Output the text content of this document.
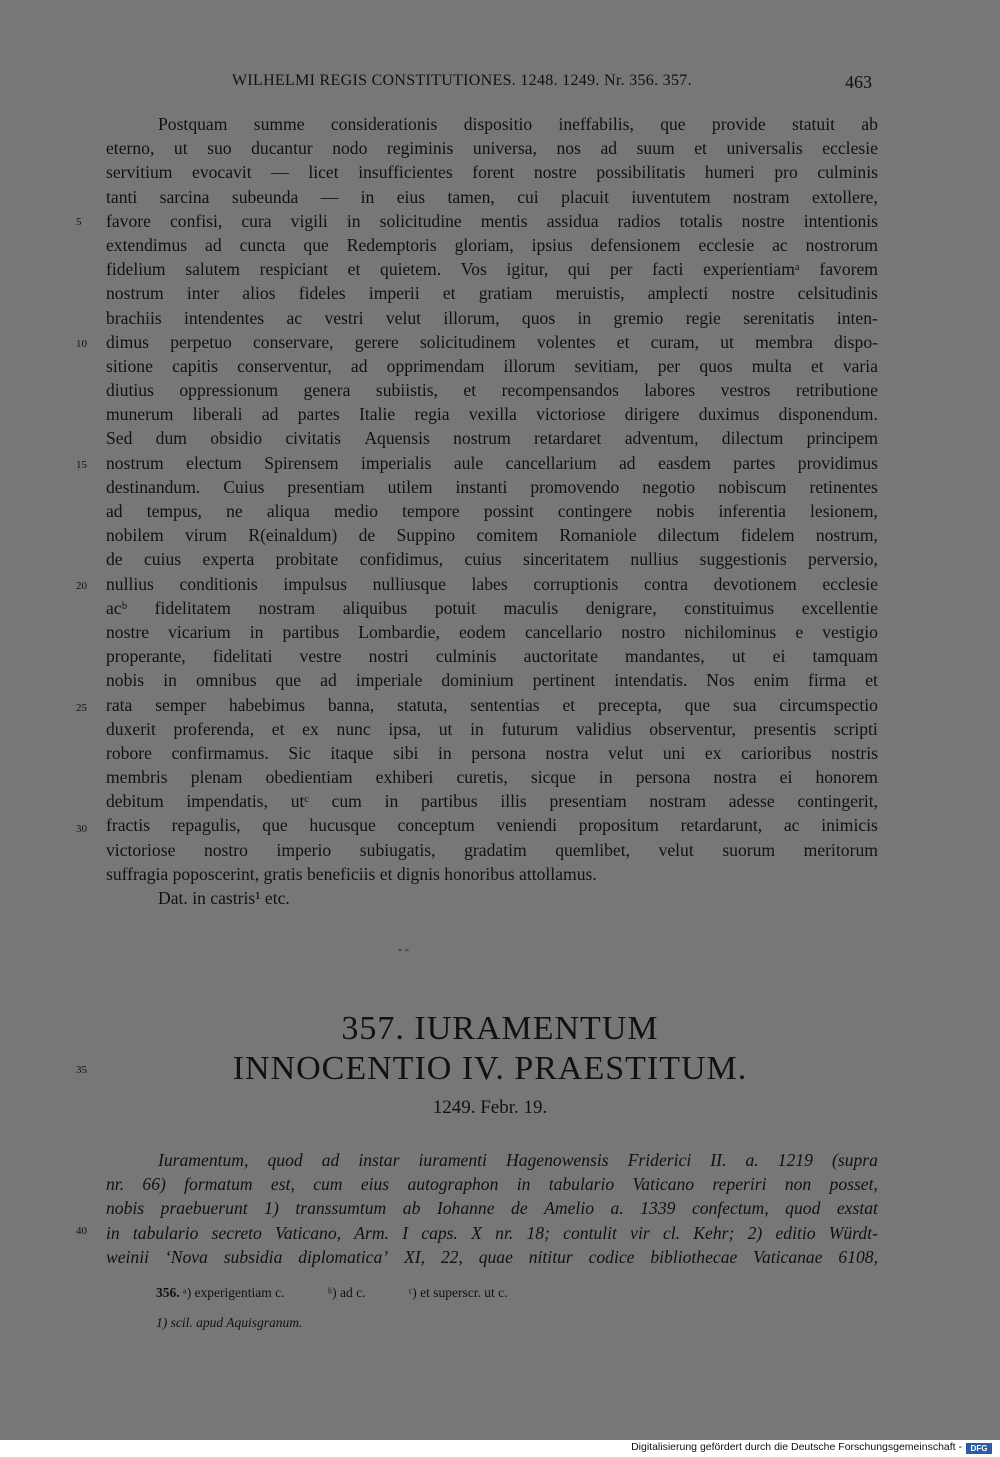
WILHELMI REGIS CONSTITUTIONES. 1248. 1249. Nr. 356. 357.	463
Postquam summe considerationis dispositio ineffabilis, que provide statuit ab
eterno, ut suo ducantur nodo regiminis universa, nos ad suum et universalis ecclesie
servitium evocavit — licet insufficientes forent nostre possibilitatis humeri pro culminis
tanti sarcina subeunda — in eius tamen, cui placuit iuventutem nostram extollere,
favore confisi, cura vigili in solicitudine mentis assidua radios totalis nostre intentionis
extendimus ad cuncta que Redemptoris gloriam, ipsius defensionem ecclesie ac nostrorum
fidelium salutem respiciant et quietem. Vos igitur, qui per facti experientiamᵃ favorem
nostrum inter alios fideles imperii et gratiam meruistis, amplecti nostre celsitudinis
brachiis intendentes ac vestri velut illorum, quos in gremio regie serenitatis inten-
dimus perpetuo conservare, gerere solicitudinem volentes et curam, ut membra dispo-
sitione capitis conserventur, ad opprimendam illorum sevitiam, per quos multa et varia
diutius oppressionum genera subiistis, et recompensandos labores vestros retributione
munerum liberali ad partes Italie regia vexilla victoriose dirigere duximus disponendum.
Sed dum obsidio civitatis Aquensis nostrum retardaret adventum, dilectum principem
nostrum electum Spirensem imperialis aule cancellarium ad easdem partes providimus
destinandum. Cuius presentiam utilem instanti promovendo negotio nobiscum retinentes
ad tempus, ne aliqua medio tempore possint contingere nobis inferentia lesionem,
nobilem virum R(einaldum) de Suppino comitem Romaniole dilectum fidelem nostrum,
de cuius experta probitate confidimus, cuius sinceritatem nullius suggestionis perversio,
nullius conditionis impulsus nulliusque labes corruptionis contra devotionem ecclesie
acᵇ fidelitatem nostram aliquibus potuit maculis denigrare, constituimus excellentie
nostre vicarium in partibus Lombardie, eodem cancellario nostro nichilominus e vestigio
properante, fidelitati vestre nostri culminis auctoritate mandantes, ut ei tamquam
nobis in omnibus que ad imperiale dominium pertinent intendatis. Nos enim firma et
rata semper habebimus banna, statuta, sententias et precepta, que sua circumspectio
duxerit proferenda, et ex nunc ipsa, ut in futurum validius observentur, presentis scripti
robore confirmamus. Sic itaque sibi in persona nostra velut uni ex carioribus nostris
membris plenam obedientiam exhiberi curetis, sicque in persona nostra ei honorem
debitum impendatis, utᶜ cum in partibus illis presentiam nostram adesse contingerit,
fractis repagulis, que hucusque conceptum veniendi propositum retardarunt, ac inimicis
victoriose nostro imperio subiugatis, gradatim quemlibet, velut suorum meritorum
suffragia poposcerint, gratis beneficiis et dignis honoribus attollamus.
Dat. in castris¹ etc.
5
10
15
20
25
30
35
40
- -
357. IURAMENTUM
INNOCENTIO IV. PRAESTITUM.
1249. Febr. 19.
Iuramentum, quod ad instar iuramenti Hagenowensis Friderici II. a. 1219 (supra
nr. 66) formatum est, cum eius autographon in tabulario Vaticano reperiri non posset,
nobis praebuerunt 1) transsumtum ab Iohanne de Amelio a. 1339 confectum, quod exstat
in tabulario secreto Vaticano, Arm. I caps. X nr. 18; contulit vir cl. Kehr; 2) editio Würdt-
weinii ‘Nova subsidia diplomatica’ XI, 22, quae nititur codice bibliothecae Vaticanae 6108,
356. ᵃ) experigentiam c.	ᵇ) ad c.	ᶜ) et superscr. ut c.
1) scil. apud Aquisgranum.
Digitalisierung gefördert durch die Deutsche Forschungsgemeinschaft -	DFG
